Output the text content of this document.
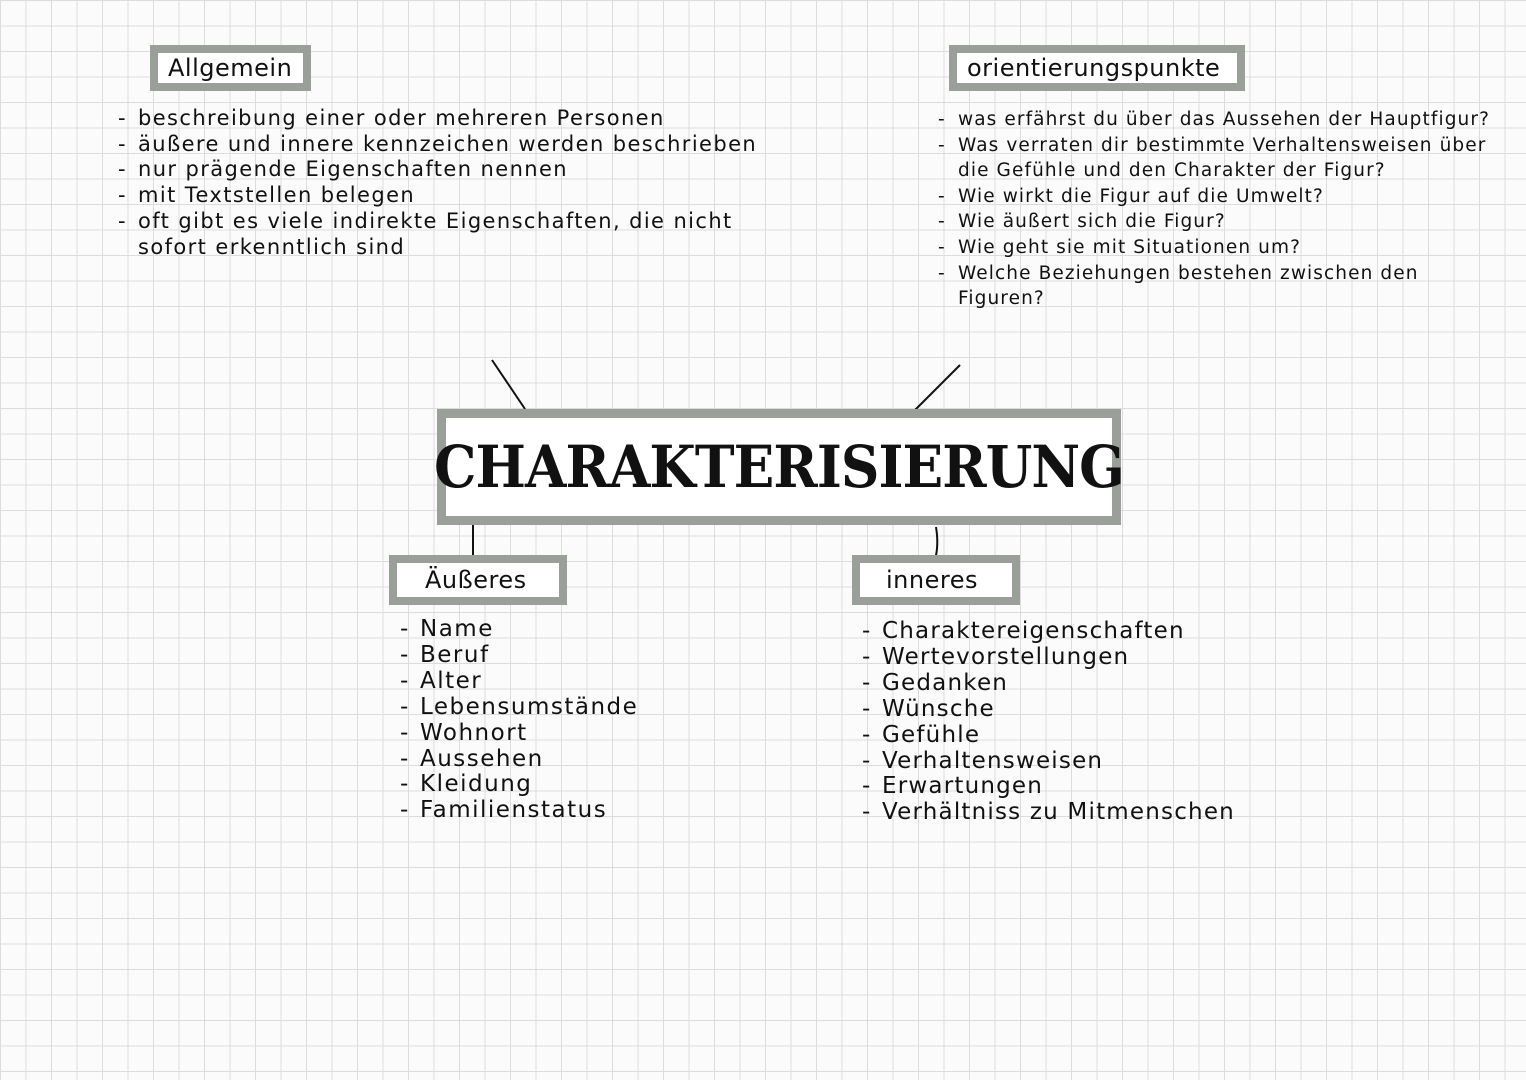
Allgemein
- beschreibung einer oder mehreren Personen
- äußere und innere kennzeichen werden beschrieben
- nur prägende Eigenschaften nennen
- mit Textstellen belegen
- oft gibt es viele indirekte Eigenschaften, die nicht sofort erkenntlich sind
orientierungspunkte
- was erfährst du über das Aussehen der Hauptfigur?
- Was verraten dir bestimmte Verhaltensweisen über die Gefühle und den Charakter der Figur?
- Wie wirkt die Figur auf die Umwelt?
- Wie äußert sich die Figur?
- Wie geht sie mit Situationen um?
- Welche Beziehungen bestehen zwischen den Figuren?
CHARAKTERISIERUNG
Äußeres
- Name
- Beruf
- Alter
- Lebensumstände
- Wohnort
- Aussehen
- Kleidung
- Familienstatus
inneres
- Charaktereigenschaften
- Wertevorstellungen
- Gedanken
- Wünsche
- Gefühle
- Verhaltensweisen
- Erwartungen
- Verhältniss zu Mitmenschen
